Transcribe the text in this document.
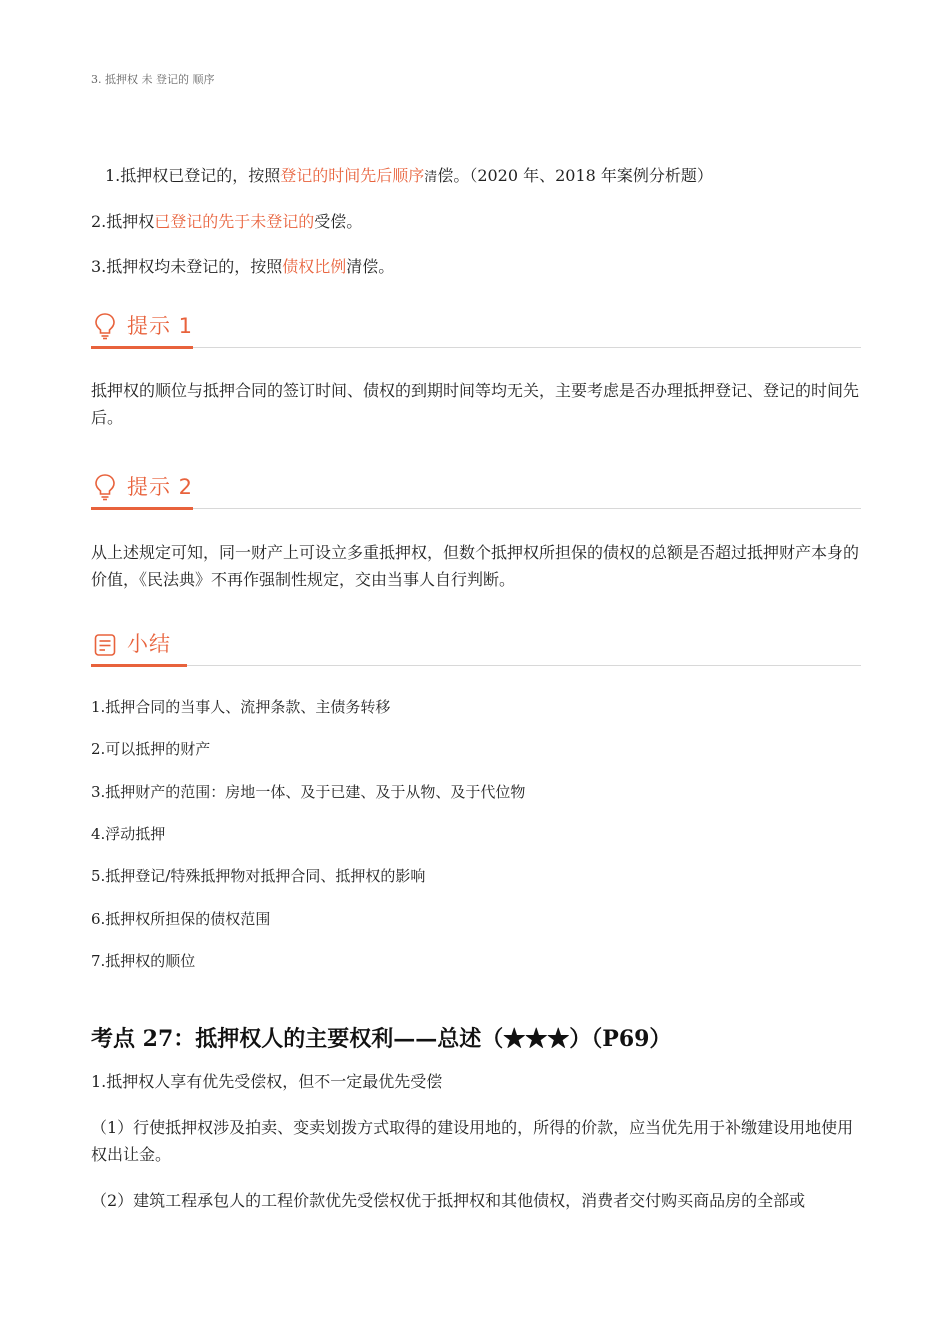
3. 抵押权 未 登记的 顺序
1.抵押权已登记的，按照登记的时间先后顺序清偿。（2020 年、2018 年案例分析题）
2.抵押权已登记的先于未登记的受偿。
3.抵押权均未登记的，按照债权比例清偿。
提示 1
抵押权的顺位与抵押合同的签订时间、债权的到期时间等均无关，主要考虑是否办理抵押登记、登记的时间先后。
提示 2
从上述规定可知，同一财产上可设立多重抵押权，但数个抵押权所担保的债权的总额是否超过抵押财产本身的价值，《民法典》不再作强制性规定，交由当事人自行判断。
小结
1.抵押合同的当事人、流押条款、主债务转移
2.可以抵押的财产
3.抵押财产的范围：房地一体、及于已建、及于从物、及于代位物
4.浮动抵押
5.抵押登记/特殊抵押物对抵押合同、抵押权的影响
6.抵押权所担保的债权范围
7.抵押权的顺位
考点 27：抵押权人的主要权利——总述（★★★）（P69）
1.抵押权人享有优先受偿权，但不一定最优先受偿
（1）行使抵押权涉及拍卖、变卖划拨方式取得的建设用地的，所得的价款，应当优先用于补缴建设用地使用权出让金。
（2）建筑工程承包人的工程价款优先受偿权优于抵押权和其他债权，消费者交付购买商品房的全部或
